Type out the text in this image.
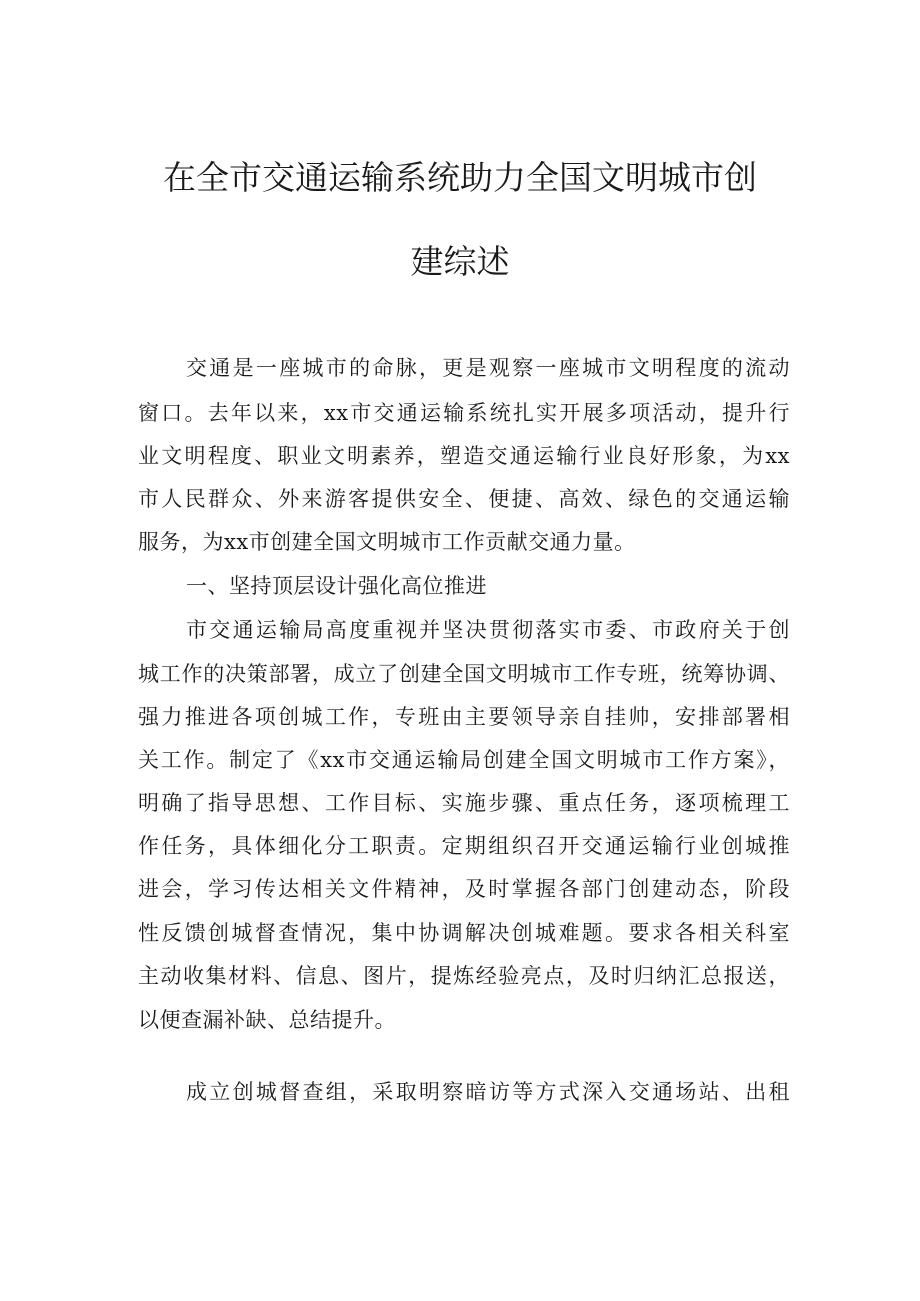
在全市交通运输系统助力全国文明城市创
建综述
交通是一座城市的命脉，更是观察一座城市文明程度的流动
窗口。去年以来，xx市交通运输系统扎实开展多项活动，提升行
业文明程度、职业文明素养，塑造交通运输行业良好形象，为xx
市人民群众、外来游客提供安全、便捷、高效、绿色的交通运输
服务，为xx市创建全国文明城市工作贡献交通力量。
一、坚持顶层设计强化高位推进
市交通运输局高度重视并坚决贯彻落实市委、市政府关于创
城工作的决策部署，成立了创建全国文明城市工作专班，统筹协调、
强力推进各项创城工作，专班由主要领导亲自挂帅，安排部署相
关工作。制定了《xx市交通运输局创建全国文明城市工作方案》，
明确了指导思想、工作目标、实施步骤、重点任务，逐项梳理工
作任务，具体细化分工职责。定期组织召开交通运输行业创城推
进会，学习传达相关文件精神，及时掌握各部门创建动态，阶段
性反馈创城督查情况，集中协调解决创城难题。要求各相关科室
主动收集材料、信息、图片，提炼经验亮点，及时归纳汇总报送，
以便查漏补缺、总结提升。
成立创城督查组，采取明察暗访等方式深入交通场站、出租
